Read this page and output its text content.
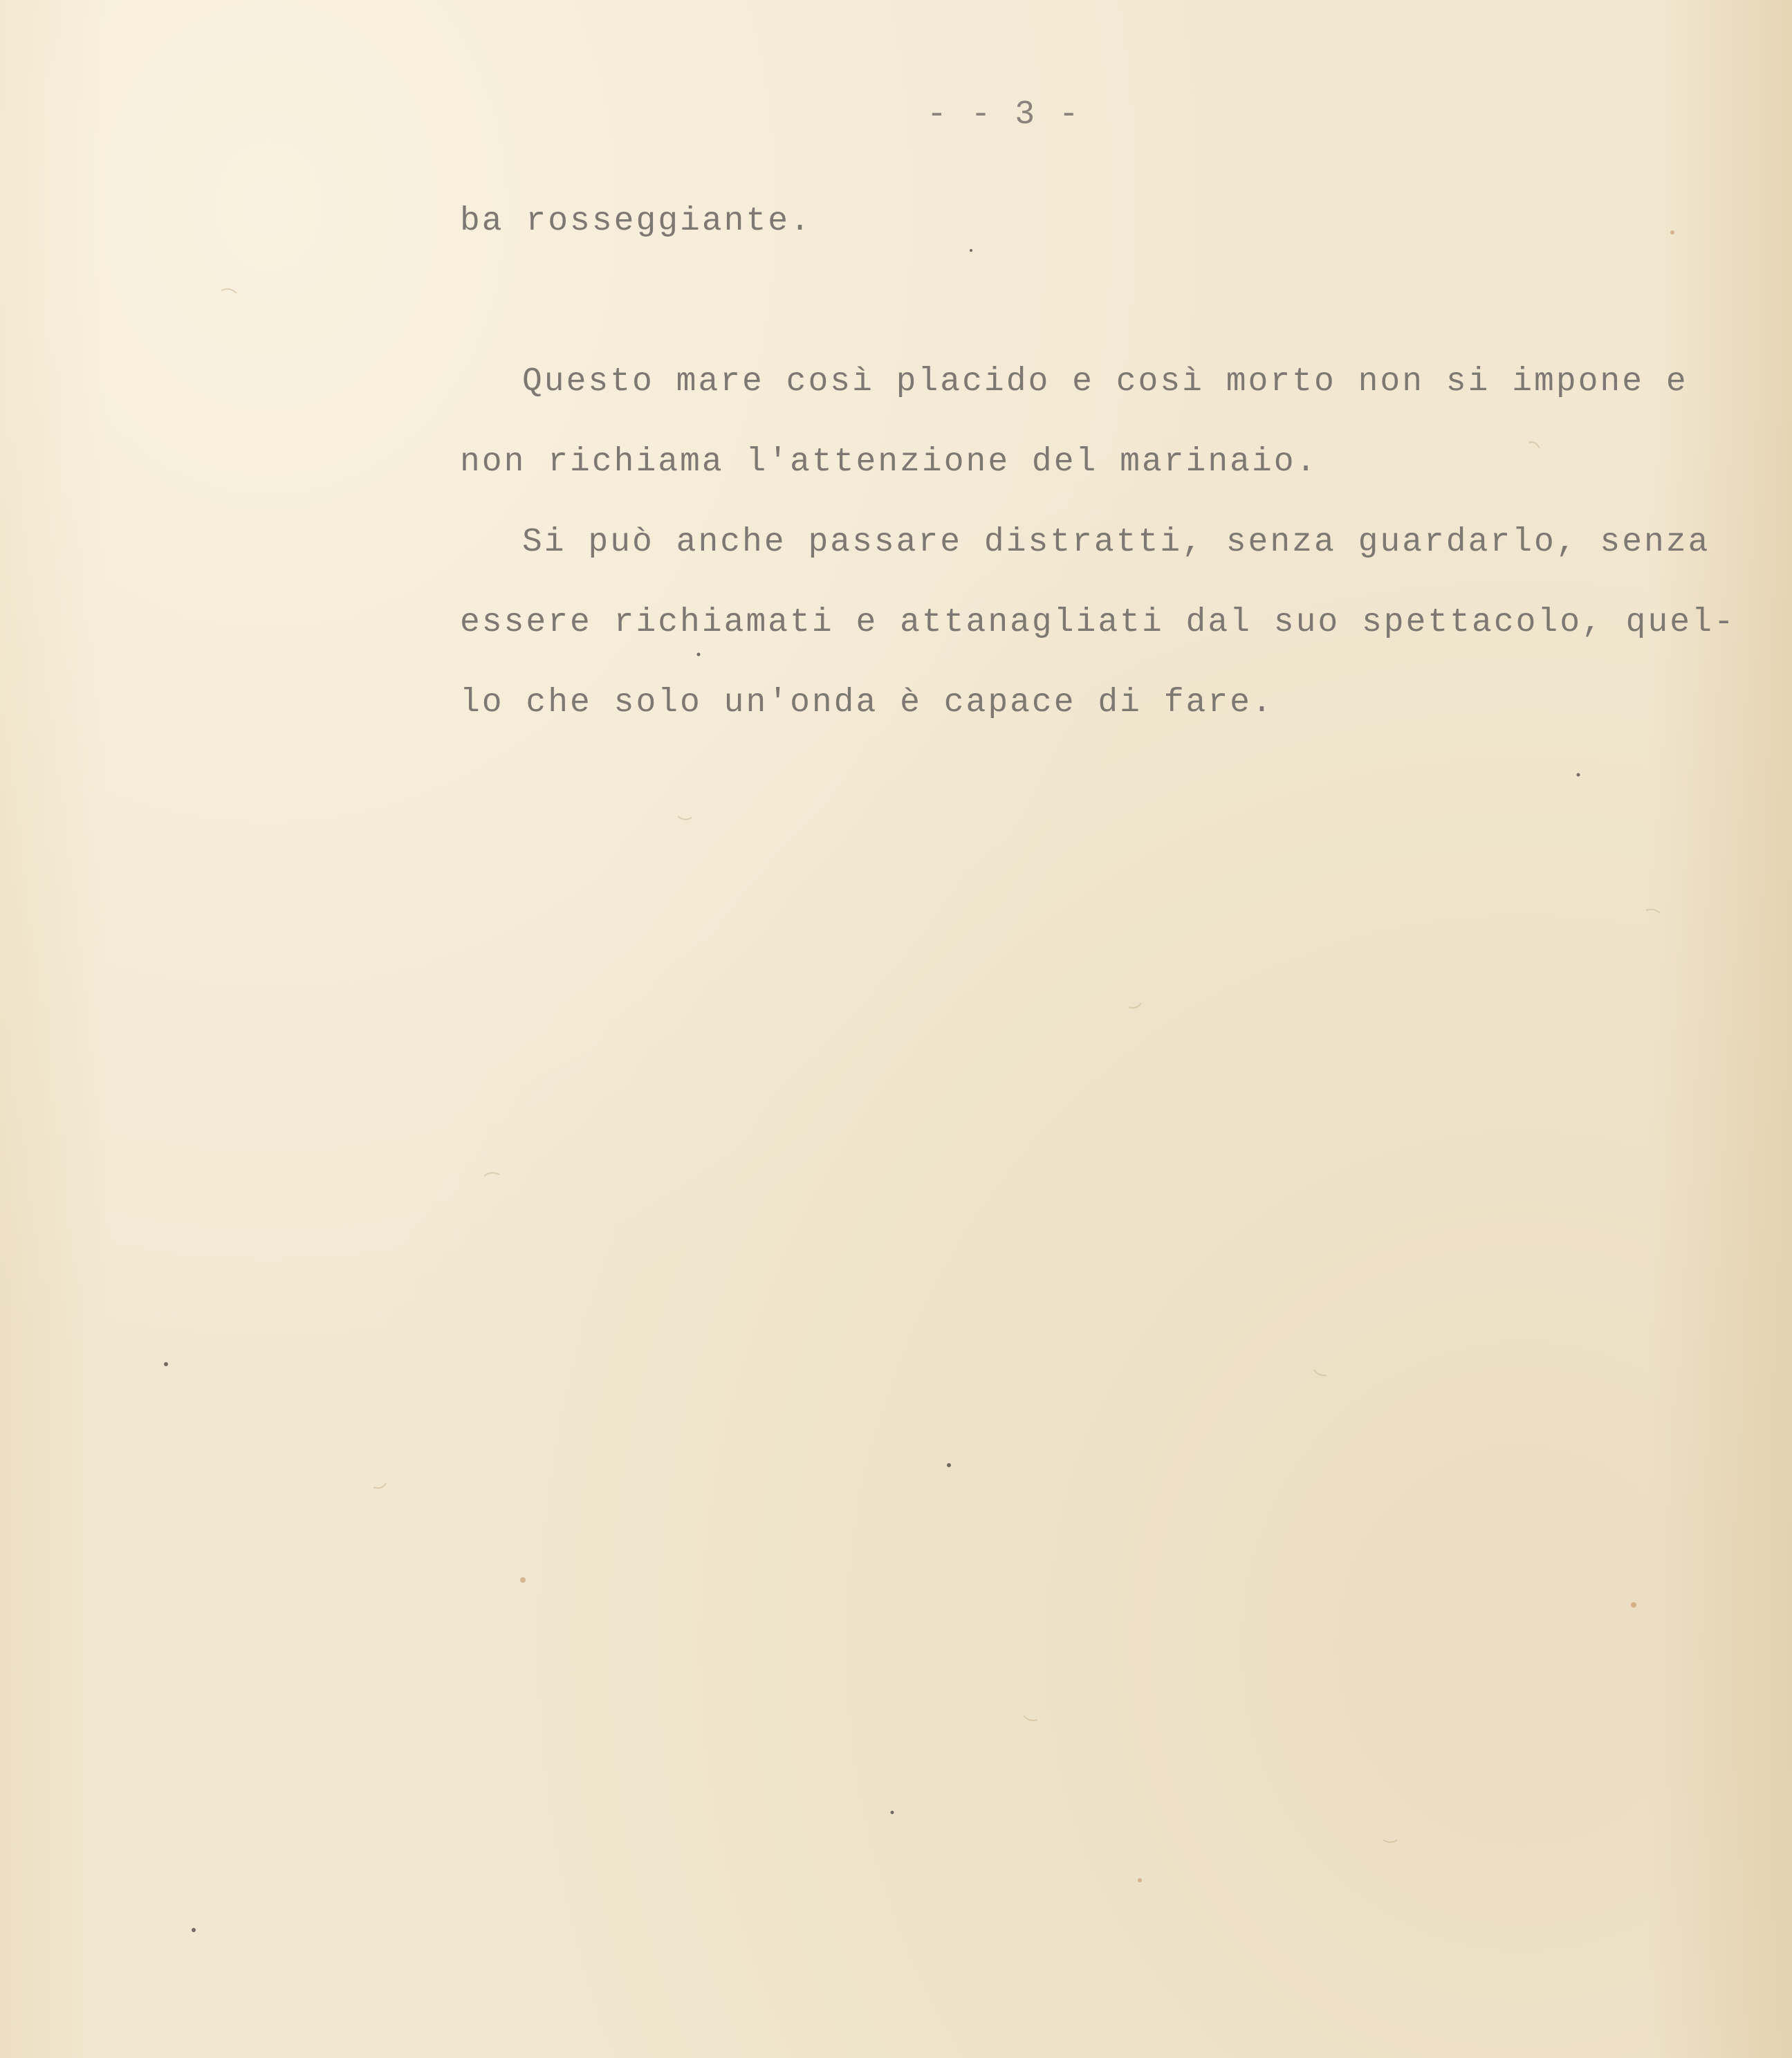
- - 3 -
ba rosseggiante.
Questo mare così placido e così morto non si impone e
non richiama l'attenzione del marinaio.
Si può anche passare distratti, senza guardarlo, senza
essere richiamati e attanagliati dal suo spettacolo, quel-
lo che solo un'onda è capace di fare.
